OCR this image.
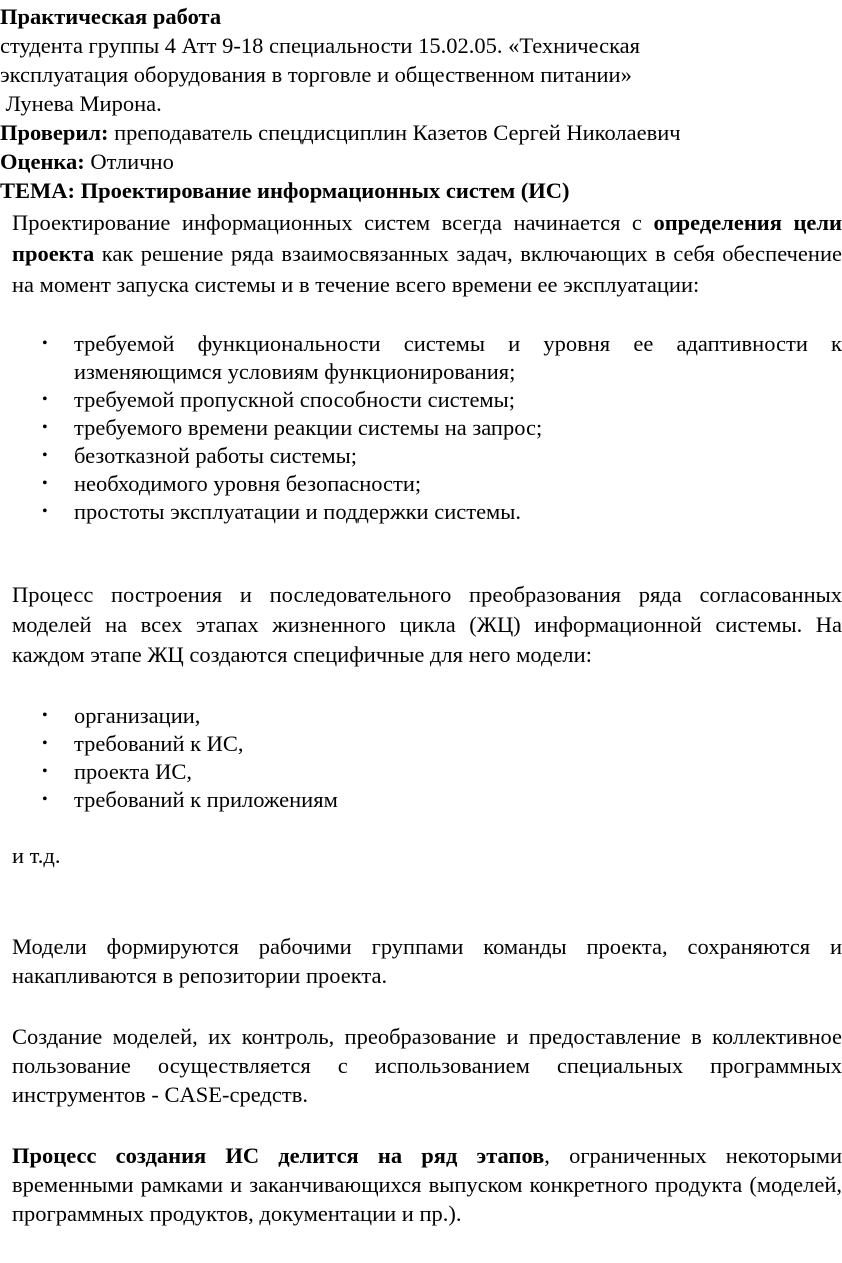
Практическая работа

студента группы 4 Атт 9-18 специальности 15.02.05. «Техническая

эксплуатация оборудования в торговле и общественном питании»

Лунева Мирона.

Проверил: преподаватель спецдисциплин Казетов Сергей Николаевич

Оценка: Отлично

ТЕМА: Проектирование информационных систем (ИС)

Проектирование информационных систем всегда начинается с определения цели проекта как решение ряда взаимосвязанных задач, включающих в себя обеспечение на момент запуска системы и в течение всего времени ее эксплуатации:

• требуемой функциональности системы и уровня ее адаптивности к изменяющимся условиям функционирования;
• требуемой пропускной способности системы;
• требуемого времени реакции системы на запрос;
• безотказной работы системы;
• необходимого уровня безопасности;
• простоты эксплуатации и поддержки системы.

Процесс построения и последовательного преобразования ряда согласованных моделей на всех этапах жизненного цикла (ЖЦ) информационной системы. На каждом этапе ЖЦ создаются специфичные для него модели:

• организации,
• требований к ИС,
• проекта ИС,
• требований к приложениям

и т.д.

Модели формируются рабочими группами команды проекта, сохраняются и накапливаются в репозитории проекта.

Создание моделей, их контроль, преобразование и предоставление в коллективное пользование осуществляется с использованием специальных программных инструментов - CASE-средств.

Процесс создания ИС делится на ряд этапов, ограниченных некоторыми временными рамками и заканчивающихся выпуском конкретного продукта (моделей, программных продуктов, документации и пр.).
